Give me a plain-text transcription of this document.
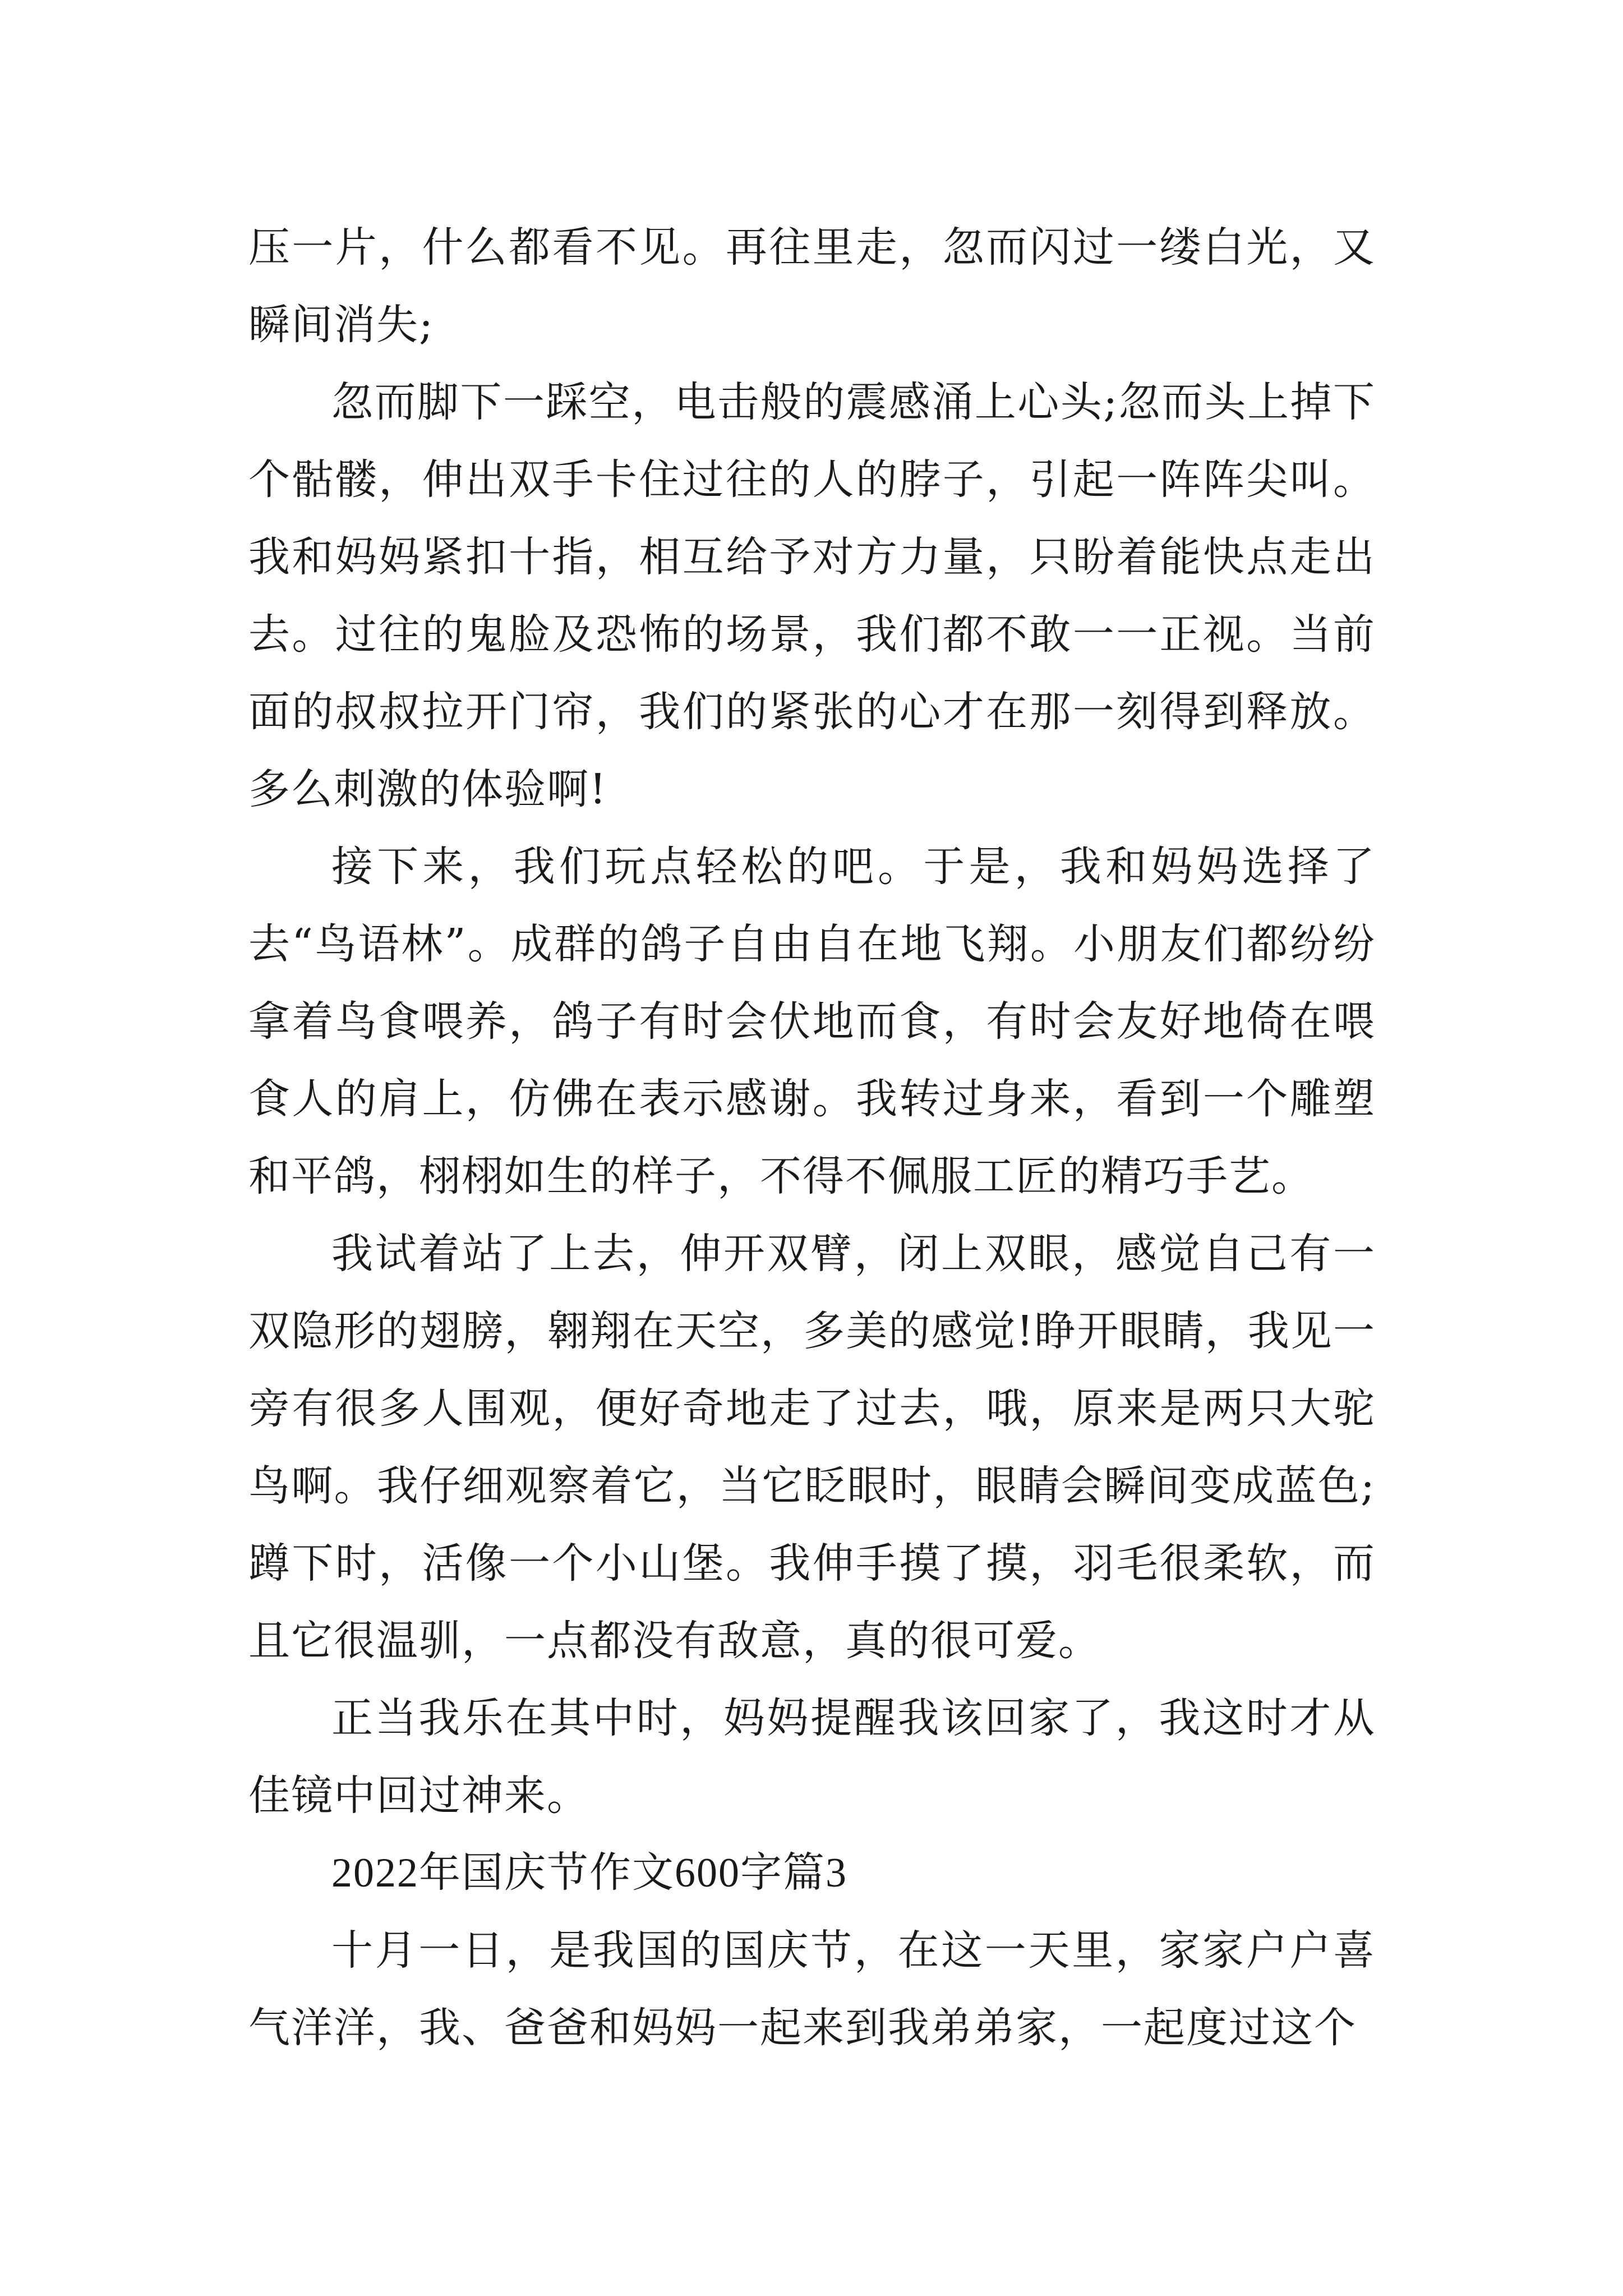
压一片，什么都看不见。再往里走，忽而闪过一缕白光，又瞬间消失;

忽而脚下一踩空，电击般的震感涌上心头;忽而头上掉下个骷髅，伸出双手卡住过往的人的脖子，引起一阵阵尖叫。我和妈妈紧扣十指，相互给予对方力量，只盼着能快点走出去。过往的鬼脸及恐怖的场景，我们都不敢一一正视。当前面的叔叔拉开门帘，我们的紧张的心才在那一刻得到释放。多么刺激的体验啊!

接下来，我们玩点轻松的吧。于是，我和妈妈选择了去“鸟语林”。成群的鸽子自由自在地飞翔。小朋友们都纷纷拿着鸟食喂养，鸽子有时会伏地而食，有时会友好地倚在喂食人的肩上，仿佛在表示感谢。我转过身来，看到一个雕塑和平鸽，栩栩如生的样子，不得不佩服工匠的精巧手艺。

我试着站了上去，伸开双臂，闭上双眼，感觉自己有一双隐形的翅膀，翱翔在天空，多美的感觉!睁开眼睛，我见一旁有很多人围观，便好奇地走了过去，哦，原来是两只大驼鸟啊。我仔细观察着它，当它眨眼时，眼睛会瞬间变成蓝色;蹲下时，活像一个小山堡。我伸手摸了摸，羽毛很柔软，而且它很温驯，一点都没有敌意，真的很可爱。

正当我乐在其中时，妈妈提醒我该回家了，我这时才从佳镜中回过神来。

2022年国庆节作文600字篇3

十月一日，是我国的国庆节，在这一天里，家家户户喜气洋洋，我、爸爸和妈妈一起来到我弟弟家，一起度过这个
